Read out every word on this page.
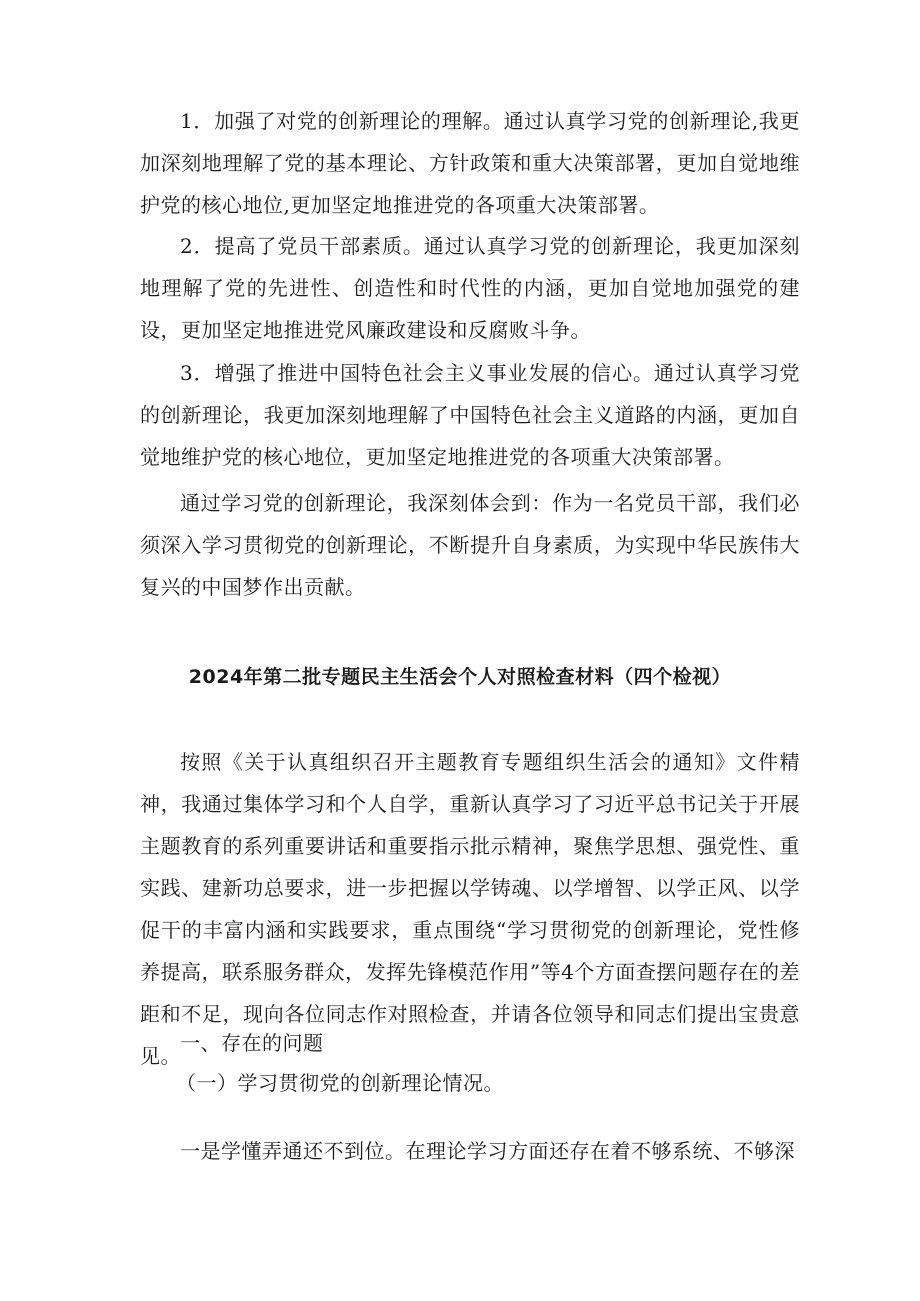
1．加强了对党的创新理论的理解。通过认真学习党的创新理论,我更加深刻地理解了党的基本理论、方针政策和重大决策部署，更加自觉地维护党的核心地位,更加坚定地推进党的各项重大决策部署。

2．提高了党员干部素质。通过认真学习党的创新理论，我更加深刻地理解了党的先进性、创造性和时代性的内涵，更加自觉地加强党的建设，更加坚定地推进党风廉政建设和反腐败斗争。

3．增强了推进中国特色社会主义事业发展的信心。通过认真学习党的创新理论，我更加深刻地理解了中国特色社会主义道路的内涵，更加自觉地维护党的核心地位，更加坚定地推进党的各项重大决策部署。

通过学习党的创新理论，我深刻体会到：作为一名党员干部，我们必须深入学习贯彻党的创新理论，不断提升自身素质，为实现中华民族伟大复兴的中国梦作出贡献。

2024年第二批专题民主生活会个人对照检查材料（四个检视）

按照《关于认真组织召开主题教育专题组织生活会的通知》文件精神，我通过集体学习和个人自学，重新认真学习了习近平总书记关于开展主题教育的系列重要讲话和重要指示批示精神，聚焦学思想、强党性、重实践、建新功总要求，进一步把握以学铸魂、以学增智、以学正风、以学促干的丰富内涵和实践要求，重点围绕“学习贯彻党的创新理论，党性修养提高，联系服务群众，发挥先锋模范作用”等4个方面查摆问题存在的差距和不足，现向各位同志作对照检查，并请各位领导和同志们提出宝贵意见。

一、存在的问题

（一）学习贯彻党的创新理论情况。

一是学懂弄通还不到位。在理论学习方面还存在着不够系统、不够深
